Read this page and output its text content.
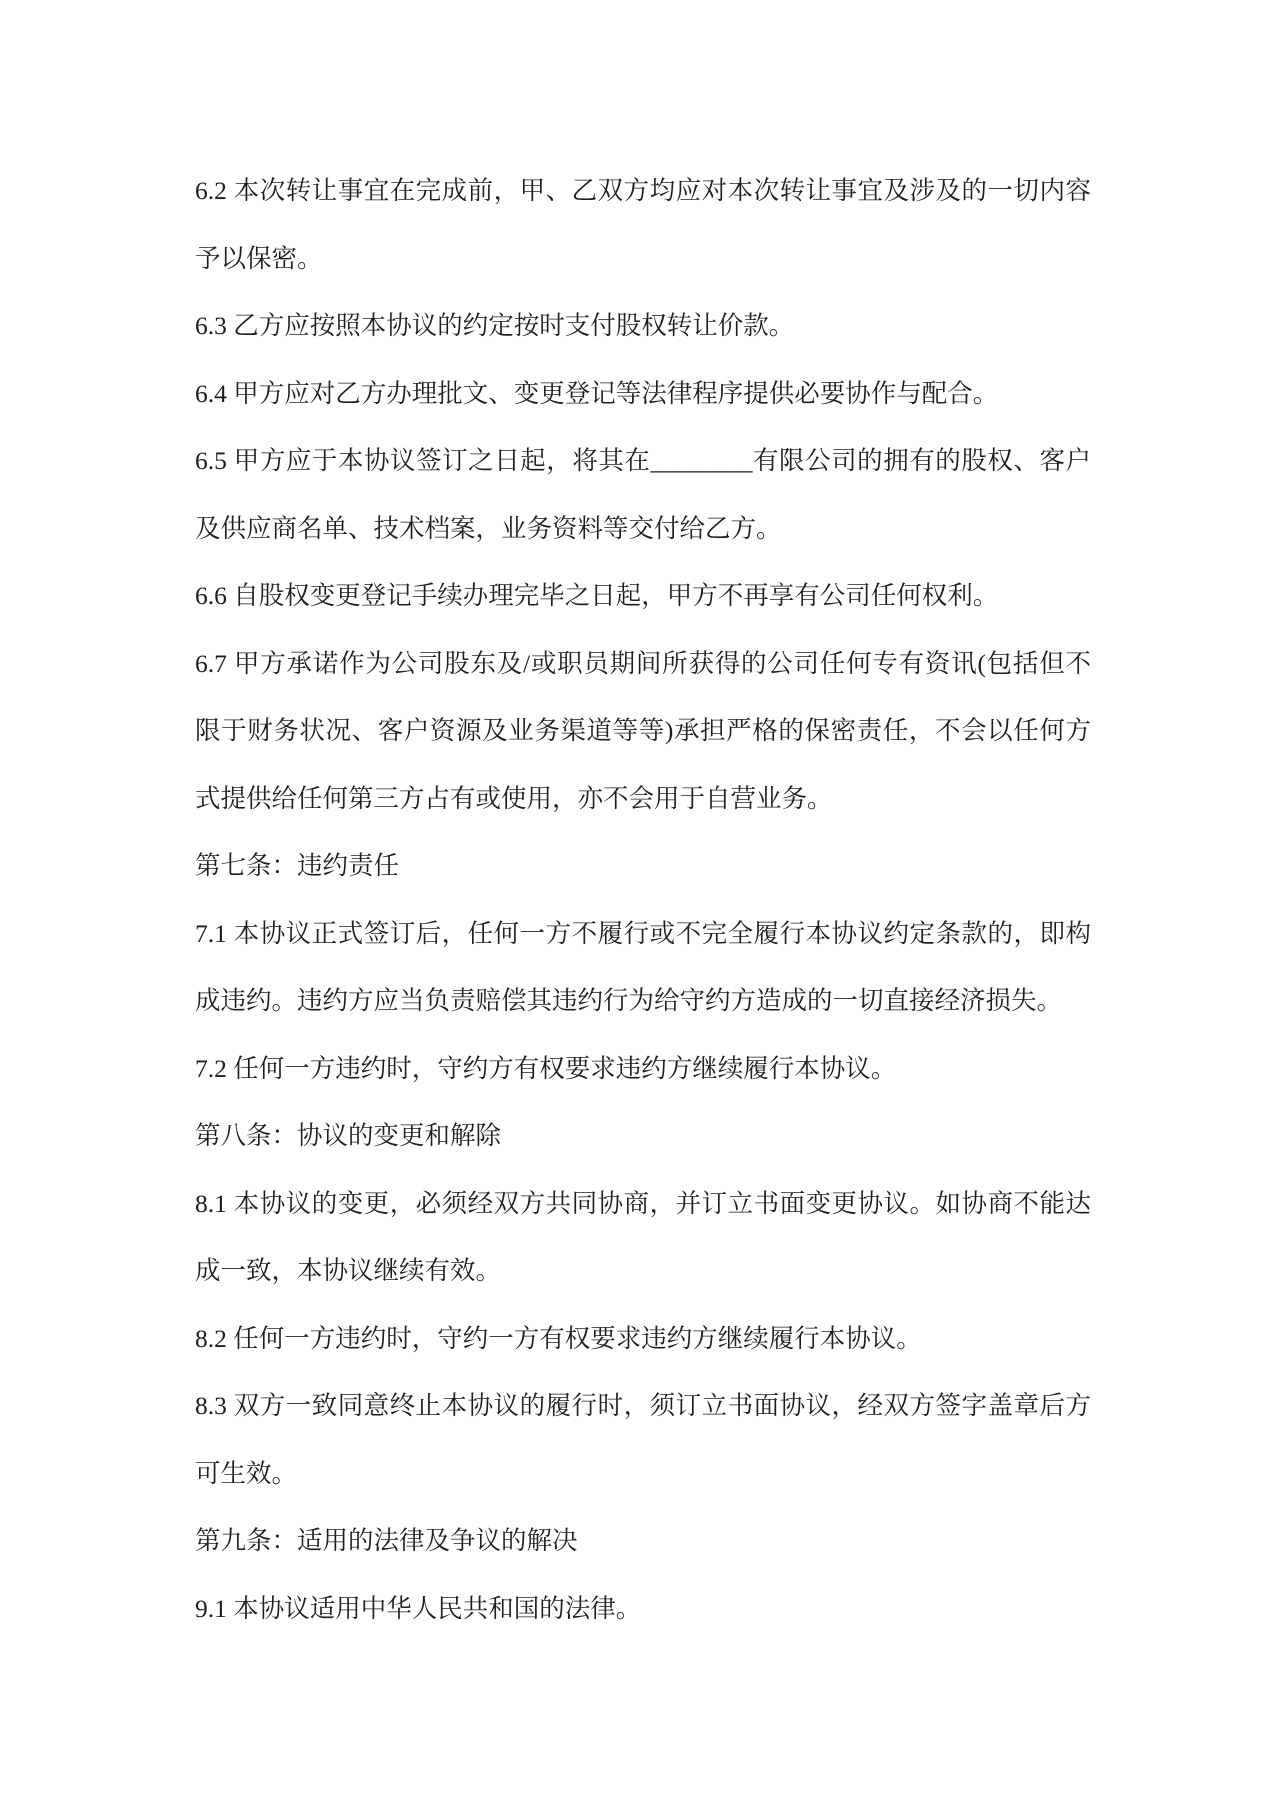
6.2 本次转让事宜在完成前，甲、乙双方均应对本次转让事宜及涉及的一切内容
予以保密。
6.3 乙方应按照本协议的约定按时支付股权转让价款。
6.4 甲方应对乙方办理批文、变更登记等法律程序提供必要协作与配合。
6.5 甲方应于本协议签订之日起，将其在________有限公司的拥有的股权、客户
及供应商名单、技术档案，业务资料等交付给乙方。
6.6 自股权变更登记手续办理完毕之日起，甲方不再享有公司任何权利。
6.7 甲方承诺作为公司股东及/或职员期间所获得的公司任何专有资讯(包括但不
限于财务状况、客户资源及业务渠道等等)承担严格的保密责任，不会以任何方
式提供给任何第三方占有或使用，亦不会用于自营业务。
第七条：违约责任
7.1 本协议正式签订后，任何一方不履行或不完全履行本协议约定条款的，即构
成违约。违约方应当负责赔偿其违约行为给守约方造成的一切直接经济损失。
7.2 任何一方违约时，守约方有权要求违约方继续履行本协议。
第八条：协议的变更和解除
8.1 本协议的变更，必须经双方共同协商，并订立书面变更协议。如协商不能达
成一致，本协议继续有效。
8.2 任何一方违约时，守约一方有权要求违约方继续履行本协议。
8.3 双方一致同意终止本协议的履行时，须订立书面协议，经双方签字盖章后方
可生效。
第九条：适用的法律及争议的解决
9.1 本协议适用中华人民共和国的法律。
